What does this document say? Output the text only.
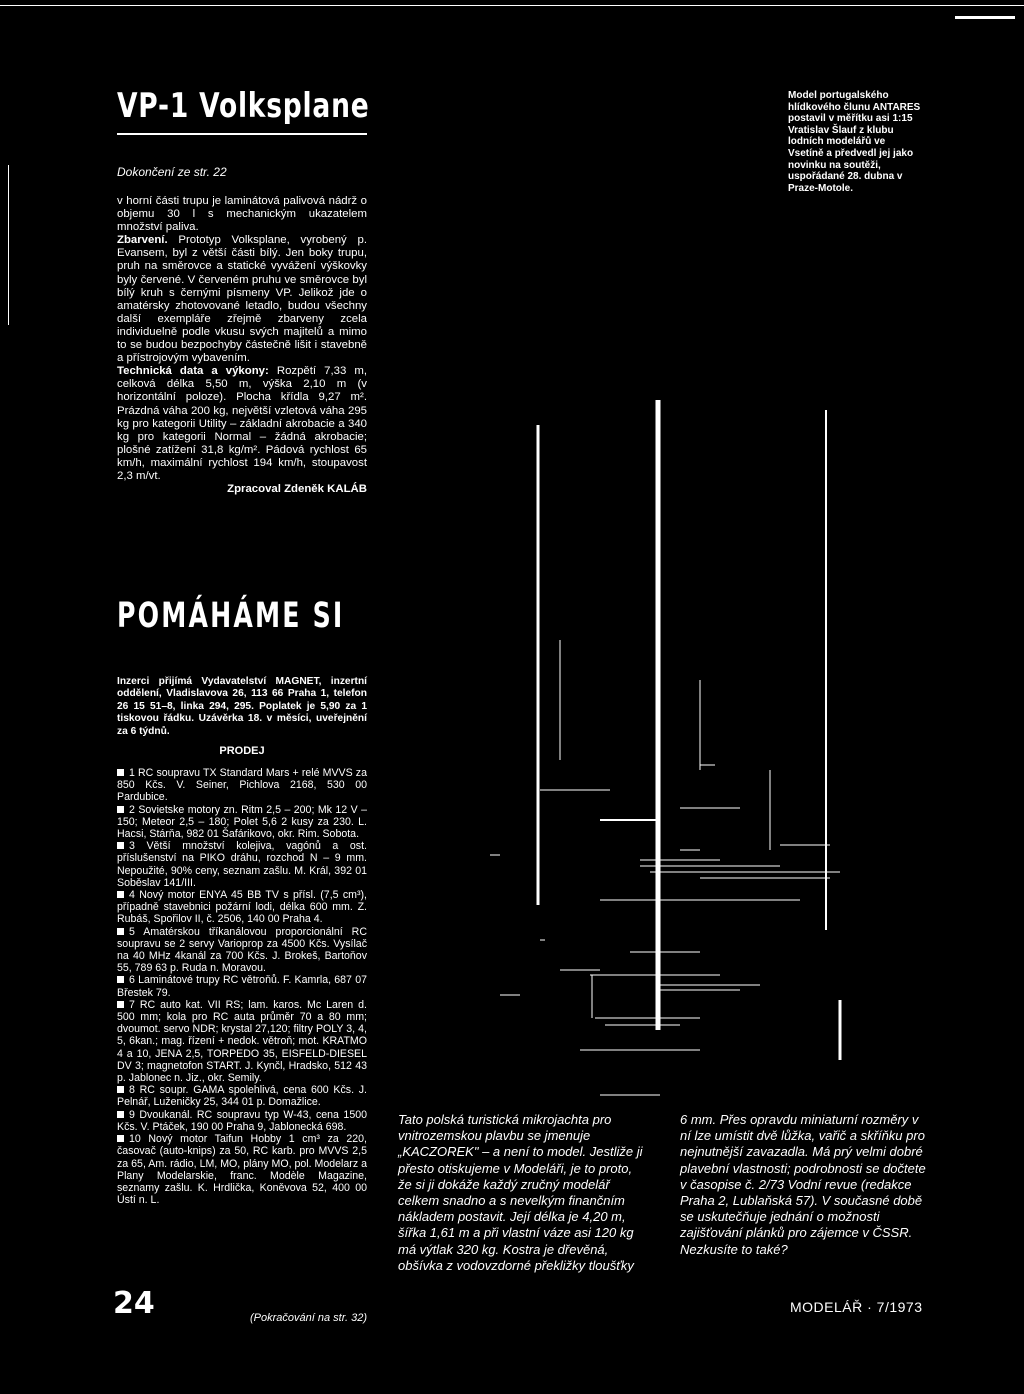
VP-1 Volksplane
Dokončení ze str. 22

v horní části trupu je laminátová palivová nádrž o objemu 30 l s mechanickým ukazatelem množství paliva.

Zbarvení. Prototyp Volksplane, vyrobený p. Evansem, byl z větší části bílý. Jen boky trupu, pruh na směrovce a statické vyvážení výškovky byly červené. V červeném pruhu ve směrovce byl bílý kruh s černými písmeny VP. Jelikož jde o amatérsky zhotovované letadlo, budou všechny další exempláře zřejmě zbarveny zcela individuelně podle vkusu svých majitelů a mimo to se budou bezpochyby částečně lišit i stavebně a přístrojovým vybavením.

Technická data a výkony: Rozpětí 7,33 m, celková délka 5,50 m, výška 2,10 m (v horizontální poloze). Plocha křídla 9,27 m². Prázdná váha 200 kg, největší vzletová váha 295 kg pro kategorii Utility – základní akrobacie a 340 kg pro kategorii Normal – žádná akrobacie; plošné zatížení 31,8 kg/m². Pádová rychlost 65 km/h, maximální rychlost 194 km/h, stoupavost 2,3 m/vt.

Zpracoval Zdeněk KALÁB

POMÁHÁME SI
Inzerci přijímá Vydavatelství MAGNET, inzertní oddělení, Vladislavova 26, 113 66 Praha 1, telefon 26 15 51–8, linka 294, 295. Poplatek je 5,90 za 1 tiskovou řádku. Uzávěrka 18. v měsíci, uveřejnění za 6 týdnů.
PRODEJ

1 RC soupravu TX Standard Mars + relé MVVS za 850 Kčs. V. Seiner, Pichlova 2168, 530 00 Pardubice.

2 Sovietske motory zn. Ritm 2,5 – 200; Mk 12 V – 150; Meteor 2,5 – 180; Polet 5,6 2 kusy za 230. L. Hacsi, Stárňa, 982 01 Šafárikovo, okr. Rim. Sobota.

3 Větší množství kolejiva, vagónů a ost. příslušenství na PIKO dráhu, rozchod N – 9 mm. Nepoužité, 90% ceny, seznam zašlu. M. Král, 392 01 Soběslav 141/III.

4 Nový motor ENYA 45 BB TV s přísl. (7,5 cm³), případně stavebnici požární lodi, délka 600 mm. Z. Rubáš, Spořilov II, č. 2506, 140 00 Praha 4.

5 Amatérskou tříkanálovou proporcionální RC soupravu se 2 servy Varioprop za 4500 Kčs. Vysílač na 40 MHz 4kanál za 700 Kčs. J. Brokeš, Bartoňov 55, 789 63 p. Ruda n. Moravou.

6 Laminátové trupy RC větroňů. F. Kamrla, 687 07 Břestek 79.

7 RC auto kat. VII RS; lam. karos. Mc Laren d. 500 mm; kola pro RC auta průměr 70 a 80 mm; dvoumot. servo NDR; krystal 27,120; filtry POLY 3, 4, 5, 6kan.; mag. řízení + nedok. větroň; mot. KRATMO 4 a 10, JENA 2,5, TORPEDO 35, EISFELD-DIESEL DV 3; magnetofon START. J. Kynčl, Hradsko, 512 43 p. Jablonec n. Jiz., okr. Semily.

8 RC soupr. GAMA spolehlivá, cena 600 Kčs. J. Pelnář, Luženičky 25, 344 01 p. Domažlice.

9 Dvoukanál. RC soupravu typ W-43, cena 1500 Kčs. V. Ptáček, 190 00 Praha 9, Jablonecká 698.

10 Nový motor Taifun Hobby 1 cm³ za 220, časovač (auto-knips) za 50, RC karb. pro MVVS 2,5 za 65, Am. rádio, LM, MO, plány MO, pol. Modelarz a Plany Modelarskie, franc. Modèle Magazine, seznamy zašlu. K. Hrdlička, Koněvova 52, 400 00 Ústí n. L.

(Pokračování na str. 32)
Model portugalského hlídkového člunu ANTARES postavil v měřítku asi 1:15 Vratislav Šlauf z klubu lodních modelářů ve Vsetíně a předvedl jej jako novinku na soutěži, uspořádané 28. dubna v Praze-Motole.
Tato polská turistická mikrojachta pro vnitrozemskou plavbu se jmenuje „KACZOREK" – a není to model. Jestliže ji přesto otiskujeme v Modeláři, je to proto, že si ji dokáže každý zručný modelář celkem snadno a s nevelkým finančním nákladem postavit. Její délka je 4,20 m, šířka 1,61 m a při vlastní váze asi 120 kg má výtlak 320 kg. Kostra je dřevěná, obšívka z vodovzdorné překližky tloušťky
6 mm. Přes opravdu miniaturní rozměry v ní lze umístit dvě lůžka, vařič a skříňku pro nejnutnější zavazadla. Má prý velmi dobré plavební vlastnosti; podrobnosti se dočtete v časopise č. 2/73 Vodní revue (redakce Praha 2, Lublaňská 57). V současné době se uskutečňuje jednání o možnosti zajišťování plánků pro zájemce v ČSSR. Nezkusíte to také?
24	MODELÁŘ · 7/1973
